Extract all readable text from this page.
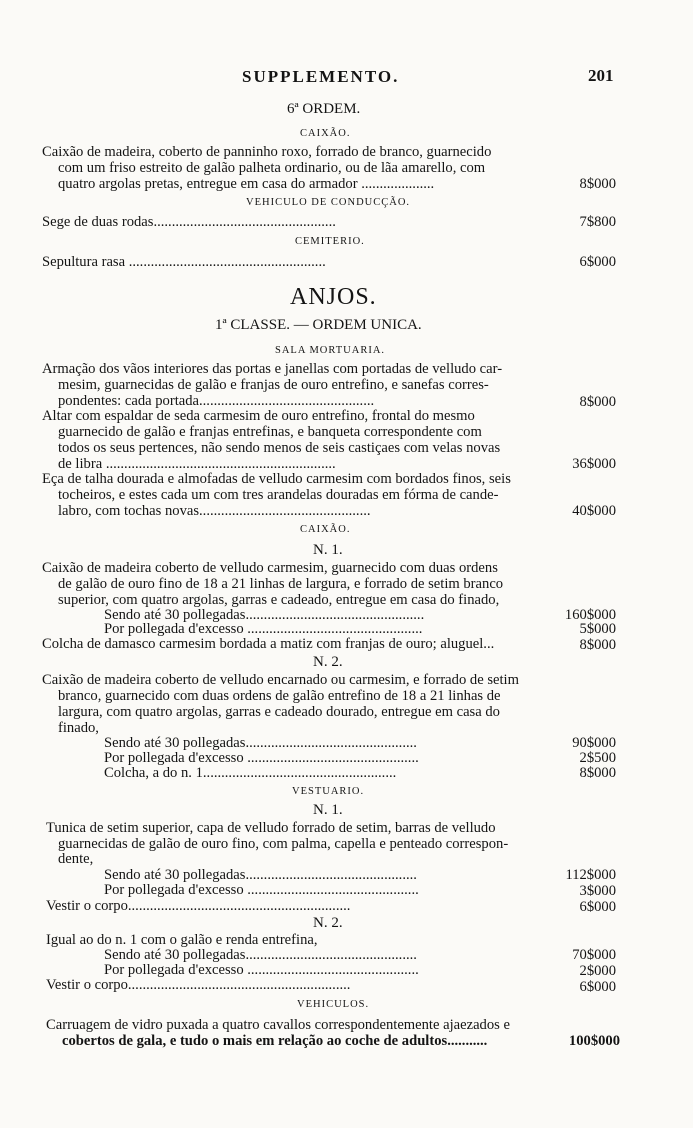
SUPPLEMENTO.	201
6ª ORDEM.
CAIXÃO.
Caixão de madeira, coberto de panninho roxo, forrado de branco, guarnecido
com um friso estreito de galão palheta ordinario, ou de lãa amarello, com
quatro argolas pretas, entregue em casa do armador ....................	8$000
VEHICULO DE CONDUCÇÃO.
Sege de duas rodas..................................................	7$800
CEMITERIO.
Sepultura rasa ......................................................	6$000
ANJOS.
1ª CLASSE. — ORDEM UNICA.
SALA MORTUARIA.
Armação dos vãos interiores das portas e janellas com portadas de velludo car-
mesim, guarnecidas de galão e franjas de ouro entrefino, e sanefas corres-
pondentes: cada portada................................................	8$000
Altar com espaldar de seda carmesim de ouro entrefino, frontal do mesmo
guarnecido de galão e franjas entrefinas, e banqueta correspondente com
todos os seus pertences, não sendo menos de seis castiçaes com velas novas
de libra ...............................................................	36$000
Eça de talha dourada e almofadas de velludo carmesim com bordados finos, seis
tocheiros, e estes cada um com tres arandelas douradas em fórma de cande-
labro, com tochas novas...............................................	40$000
CAIXÃO.
N. 1.
Caixão de madeira coberto de velludo carmesim, guarnecido com duas ordens
de galão de ouro fino de 18 a 21 linhas de largura, e forrado de setim branco
superior, com quatro argolas, garras e cadeado, entregue em casa do finado,
Sendo até 30 pollegadas.................................................	160$000
Por pollegada d'excesso ................................................	5$000
Colcha de damasco carmesim bordada a matiz com franjas de ouro; aluguel...	8$000
N. 2.
Caixão de madeira coberto de velludo encarnado ou carmesim, e forrado de setim
branco, guarnecido com duas ordens de galão entrefino de 18 a 21 linhas de
largura, com quatro argolas, garras e cadeado dourado, entregue em casa do
finado,
Sendo até 30 pollegadas...............................................	90$000
Por pollegada d'excesso ...............................................	2$500
Colcha, a do n. 1.....................................................	8$000
VESTUARIO.
N. 1.
Tunica de setim superior, capa de velludo forrado de setim, barras de velludo
guarnecidas de galão de ouro fino, com palma, capella e penteado correspon-
dente,
Sendo até 30 pollegadas...............................................	112$000
Por pollegada d'excesso ...............................................	3$000
Vestir o corpo.............................................................	6$000
N. 2.
Igual ao do n. 1 com o galão e renda entrefina,
Sendo até 30 pollegadas...............................................	70$000
Por pollegada d'excesso ...............................................	2$000
Vestir o corpo.............................................................	6$000
VEHICULOS.
Carruagem de vidro puxada a quatro cavallos correspondentemente ajaezados e
cobertos de gala, e tudo o mais em relação ao coche de adultos...........	100$000
